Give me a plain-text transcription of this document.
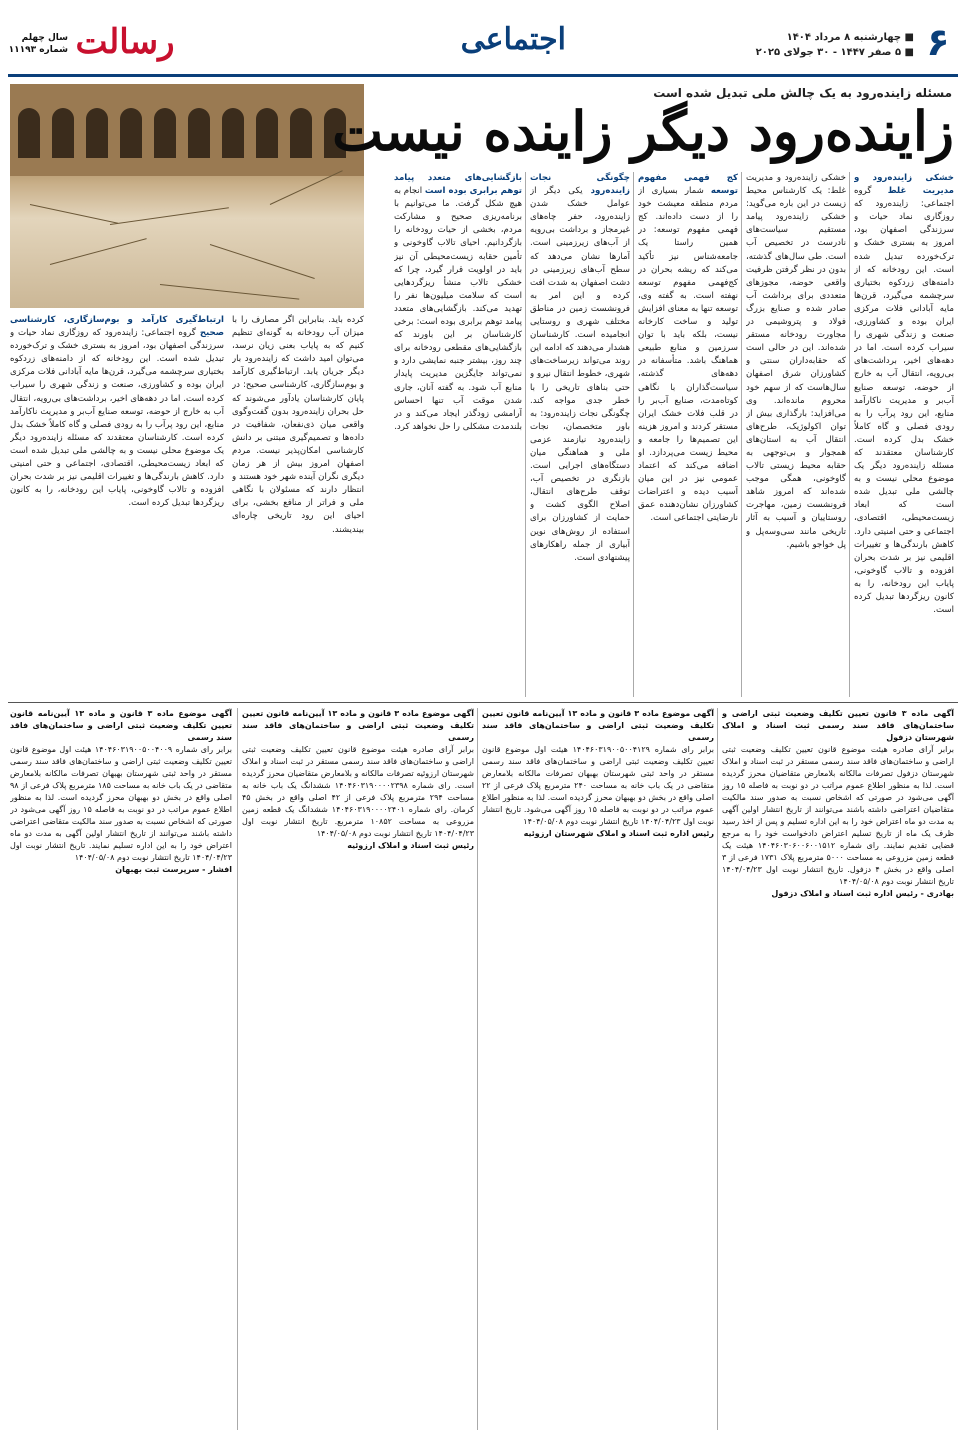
۶
■ چهارشنبه ۸ مرداد ۱۴۰۴
■ ۵ صفر ۱۴۴۷ - ۳۰ جولای ۲۰۲۵
اجتماعی
رسالت
سال چهلم
شماره ۱۱۱۹۳
مسئله زاینده‌رود به یک چالش ملی تبدیل شده است
زاینده‌رود دیگر زاینده نیست
خشکی زاینده‌رود و مدیریت غلط گروه اجتماعی: زاینده‌رود که روزگاری نماد حیات و سرزندگی اصفهان بود، امروز به بستری خشک و ترک‌خورده تبدیل شده است. این رودخانه که از دامنه‌های زردکوه بختیاری سرچشمه می‌گیرد، قرن‌ها مایه آبادانی فلات مرکزی ایران بوده و کشاورزی، صنعت و زندگی شهری را سیراب کرده است. اما در دهه‌های اخیر، برداشت‌های بی‌رویه، انتقال آب به خارج از حوضه، توسعه صنایع آب‌بر و مدیریت ناکارآمد منابع، این رود پرآب را به رودی فصلی و گاه کاملاً خشک بدل کرده است. کارشناسان معتقدند که مسئله زاینده‌رود دیگر یک موضوع محلی نیست و به چالشی ملی تبدیل شده است که ابعاد زیست‌محیطی، اقتصادی، اجتماعی و حتی امنیتی دارد. کاهش بارندگی‌ها و تغییرات اقلیمی نیز بر شدت بحران افزوده و تالاب گاوخونی، پایاب این رودخانه، را به کانون ریزگردها تبدیل کرده است.
خشکی زاینده‌رود و مدیریت غلط: یک کارشناس محیط زیست در این باره می‌گوید: خشکی زاینده‌رود پیامد مستقیم سیاست‌های نادرست در تخصیص آب است. طی سال‌های گذشته، بدون در نظر گرفتن ظرفیت واقعی حوضه، مجوزهای متعددی برای برداشت آب صادر شده و صنایع بزرگ فولاد و پتروشیمی در مجاورت رودخانه مستقر شده‌اند. این در حالی است که حقابه‌داران سنتی و کشاورزان شرق اصفهان سال‌هاست که از سهم خود محروم مانده‌اند. وی می‌افزاید: بارگذاری بیش از توان اکولوژیک، طرح‌های انتقال آب به استان‌های همجوار و بی‌توجهی به حقابه محیط زیستی تالاب گاوخونی، همگی موجب شده‌اند که امروز شاهد فرونشست زمین، مهاجرت روستاییان و آسیب به آثار تاریخی مانند سی‌وسه‌پل و پل خواجو باشیم.
کج فهمی مفهوم توسعه شمار بسیاری از مردم منطقه معیشت خود را از دست داده‌اند. کج فهمی مفهوم توسعه: در همین راستا یک جامعه‌شناس نیز تأکید می‌کند که ریشه بحران در کج‌فهمی مفهوم توسعه نهفته است. به گفته وی، توسعه تنها به معنای افزایش تولید و ساخت کارخانه نیست، بلکه باید با توان سرزمین و منابع طبیعی هماهنگ باشد. متأسفانه در دهه‌های گذشته، سیاست‌گذاران با نگاهی کوتاه‌مدت، صنایع آب‌بر را در قلب فلات خشک ایران مستقر کردند و امروز هزینه این تصمیم‌ها را جامعه و محیط زیست می‌پردازد. او اضافه می‌کند که اعتماد عمومی نیز در این میان آسیب دیده و اعتراضات کشاورزان نشان‌دهنده عمق نارضایتی اجتماعی است.
چگونگی نجات زاینده‌رود یکی دیگر از عوامل خشک شدن زاینده‌رود، حفر چاه‌های غیرمجاز و برداشت بی‌رویه از آب‌های زیرزمینی است. آمارها نشان می‌دهد که سطح آب‌های زیرزمینی در دشت اصفهان به شدت افت کرده و این امر به فرونشست زمین در مناطق مختلف شهری و روستایی انجامیده است. کارشناسان هشدار می‌دهند که ادامه این روند می‌تواند زیرساخت‌های شهری، خطوط انتقال نیرو و حتی بناهای تاریخی را با خطر جدی مواجه کند. چگونگی نجات زاینده‌رود: به باور متخصصان، نجات زاینده‌رود نیازمند عزمی ملی و هماهنگی میان دستگاه‌های اجرایی است. بازنگری در تخصیص آب، توقف طرح‌های انتقال، اصلاح الگوی کشت و حمایت از کشاورزان برای استفاده از روش‌های نوین آبیاری از جمله راهکارهای پیشنهادی است.
بازگشایی‌های متعدد پیامد توهم برابری بوده است انجام به هیچ شکل گرفت. ما می‌توانیم با برنامه‌ریزی صحیح و مشارکت مردم، بخشی از حیات رودخانه را بازگردانیم. احیای تالاب گاوخونی و تأمین حقابه زیست‌محیطی آن نیز باید در اولویت قرار گیرد، چرا که خشکی تالاب منشأ ریزگردهایی است که سلامت میلیون‌ها نفر را تهدید می‌کند. بازگشایی‌های متعدد پیامد توهم برابری بوده است: برخی کارشناسان بر این باورند که بازگشایی‌های مقطعی رودخانه برای چند روز، بیشتر جنبه نمایشی دارد و نمی‌تواند جایگزین مدیریت پایدار منابع آب شود. به گفته آنان، جاری شدن موقت آب تنها احساس آرامشی زودگذر ایجاد می‌کند و در بلندمدت مشکلی را حل نخواهد کرد.
کرده باید. بنابراین اگر مصارف را با میزان آب رودخانه به گونه‌ای تنظیم کنیم که به پایاب بعنی زیان نرسد، می‌توان امید داشت که زاینده‌رود بار دیگر جریان یابد. ارتباط‌گیری کارآمد و بوم‌سازگاری، کارشناسی صحیح: در پایان کارشناسان یادآور می‌شوند که حل بحران زاینده‌رود بدون گفت‌وگوی واقعی میان ذی‌نفعان، شفافیت در داده‌ها و تصمیم‌گیری مبتنی بر دانش کارشناسی امکان‌پذیر نیست. مردم اصفهان امروز بیش از هر زمان دیگری نگران آینده شهر خود هستند و انتظار دارند که مسئولان با نگاهی ملی و فراتر از منافع بخشی، برای احیای این رود تاریخی چاره‌ای بیندیشند.
ارتباط‌گیری کارآمد و بوم‌سازگاری، کارشناسی صحیح گروه اجتماعی: زاینده‌رود که روزگاری نماد حیات و سرزندگی اصفهان بود، امروز به بستری خشک و ترک‌خورده تبدیل شده است. این رودخانه که از دامنه‌های زردکوه بختیاری سرچشمه می‌گیرد، قرن‌ها مایه آبادانی فلات مرکزی ایران بوده و کشاورزی، صنعت و زندگی شهری را سیراب کرده است. اما در دهه‌های اخیر، برداشت‌های بی‌رویه، انتقال آب به خارج از حوضه، توسعه صنایع آب‌بر و مدیریت ناکارآمد منابع، این رود پرآب را به رودی فصلی و گاه کاملاً خشک بدل کرده است. کارشناسان معتقدند که مسئله زاینده‌رود دیگر یک موضوع محلی نیست و به چالشی ملی تبدیل شده است که ابعاد زیست‌محیطی، اقتصادی، اجتماعی و حتی امنیتی دارد. کاهش بارندگی‌ها و تغییرات اقلیمی نیز بر شدت بحران افزوده و تالاب گاوخونی، پایاب این رودخانه، را به کانون ریزگردها تبدیل کرده است.
آگهی ماده ۳ قانون تعیین تکلیف وضعیت ثبتی اراضی و ساختمان‌های فاقد سند رسمی ثبت اسناد و املاک شهرستان دزفول
برابر آرای صادره هیئت موضوع قانون تعیین تکلیف وضعیت ثبتی اراضی و ساختمان‌های فاقد سند رسمی مستقر در ثبت اسناد و املاک شهرستان دزفول تصرفات مالکانه بلامعارض متقاضیان محرز گردیده است. لذا به منظور اطلاع عموم مراتب در دو نوبت به فاصله ۱۵ روز آگهی می‌شود در صورتی که اشخاص نسبت به صدور سند مالکیت متقاضیان اعتراضی داشته باشند می‌توانند از تاریخ انتشار اولین آگهی به مدت دو ماه اعتراض خود را به این اداره تسلیم و پس از اخذ رسید ظرف یک ماه از تاریخ تسلیم اعتراض دادخواست خود را به مرجع قضایی تقدیم نمایند. رای شماره ۱۴۰۴۶۰۳۰۶۰۰۶۰۰۱۵۱۲ هیئت یک قطعه زمین مزروعی به مساحت ۵۰۰۰ مترمربع پلاک ۱۷۳۱ فرعی از ۳ اصلی واقع در بخش ۴ دزفول. تاریخ انتشار نوبت اول ۱۴۰۴/۰۴/۲۳ تاریخ انتشار نوبت دوم ۱۴۰۴/۰۵/۰۸
بهادری - رئیس اداره ثبت اسناد و املاک دزفول
آگهی موضوع ماده ۳ قانون و ماده ۱۳ آیین‌نامه قانون تعیین تکلیف وضعیت ثبتی اراضی و ساختمان‌های فاقد سند رسمی
برابر رای شماره ۱۴۰۴۶۰۳۱۹۰۰۵۰۰۴۱۲۹ هیئت اول موضوع قانون تعیین تکلیف وضعیت ثبتی اراضی و ساختمان‌های فاقد سند رسمی مستقر در واحد ثبتی شهرستان بهبهان تصرفات مالکانه بلامعارض متقاضی در یک باب خانه به مساحت ۲۴۰ مترمربع پلاک فرعی از ۲۲ اصلی واقع در بخش دو بهبهان محرز گردیده است. لذا به منظور اطلاع عموم مراتب در دو نوبت به فاصله ۱۵ روز آگهی می‌شود. تاریخ انتشار نوبت اول ۱۴۰۴/۰۴/۲۳ تاریخ انتشار نوبت دوم ۱۴۰۴/۰۵/۰۸
رئیس اداره ثبت اسناد و املاک شهرستان ارزوئیه
آگهی موضوع ماده ۳ قانون و ماده ۱۳ آیین‌نامه قانون تعیین تکلیف وضعیت ثبتی اراضی و ساختمان‌های فاقد سند رسمی
برابر آرای صادره هیئت موضوع قانون تعیین تکلیف وضعیت ثبتی اراضی و ساختمان‌های فاقد سند رسمی مستقر در ثبت اسناد و املاک شهرستان ارزوئیه تصرفات مالکانه و بلامعارض متقاضیان محرز گردیده است. رای شماره ۱۴۰۴۶۰۳۱۹۰۰۰۰۲۳۹۸ ششدانگ یک باب خانه به مساحت ۲۹۴ مترمربع پلاک فرعی از ۴۲ اصلی واقع در بخش ۴۵ کرمان. رای شماره ۱۴۰۴۶۰۳۱۹۰۰۰۰۲۴۰۱ ششدانگ یک قطعه زمین مزروعی به مساحت ۱۰۸۵۲ مترمربع. تاریخ انتشار نوبت اول ۱۴۰۴/۰۴/۲۳ تاریخ انتشار نوبت دوم ۱۴۰۴/۰۵/۰۸
رئیس ثبت اسناد و املاک ارزوئیه
آگهی موضوع ماده ۳ قانون و ماده ۱۳ آیین‌نامه قانون تعیین تکلیف وضعیت ثبتی اراضی و ساختمان‌های فاقد سند رسمی
برابر رای شماره ۱۴۰۴۶۰۳۱۹۰۰۵۰۰۴۰۰۹ هیئت اول موضوع قانون تعیین تکلیف وضعیت ثبتی اراضی و ساختمان‌های فاقد سند رسمی مستقر در واحد ثبتی شهرستان بهبهان تصرفات مالکانه بلامعارض متقاضی در یک باب خانه به مساحت ۱۸۵ مترمربع پلاک فرعی از ۹۸ اصلی واقع در بخش دو بهبهان محرز گردیده است. لذا به منظور اطلاع عموم مراتب در دو نوبت به فاصله ۱۵ روز آگهی می‌شود در صورتی که اشخاص نسبت به صدور سند مالکیت متقاضی اعتراضی داشته باشند می‌توانند از تاریخ انتشار اولین آگهی به مدت دو ماه اعتراض خود را به این اداره تسلیم نمایند. تاریخ انتشار نوبت اول ۱۴۰۴/۰۴/۲۳ تاریخ انتشار نوبت دوم ۱۴۰۴/۰۵/۰۸
افشار - سرپرست ثبت بهبهان
